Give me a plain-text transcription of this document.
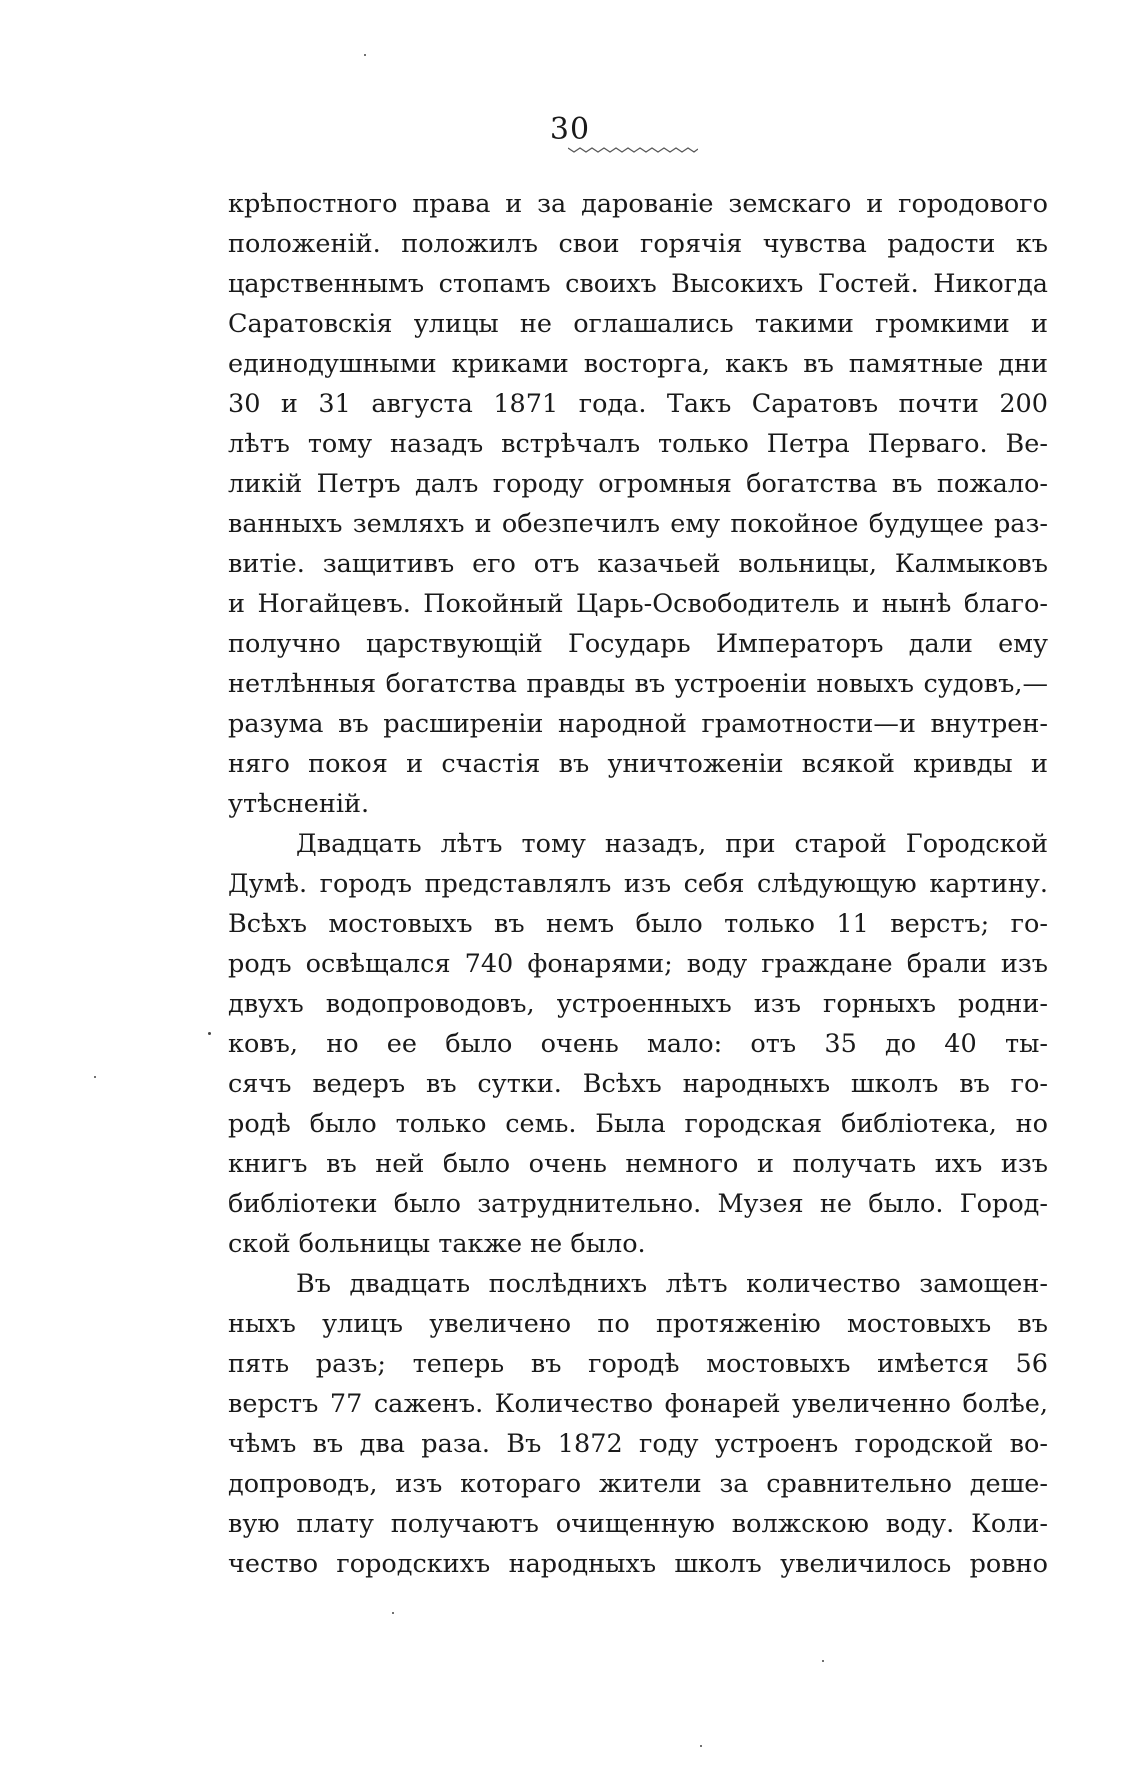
30
крѣпостного права и за дарованіе земскаго и городового
положеній. положилъ свои горячія чувства радости къ
царственнымъ стопамъ своихъ Высокихъ Гостей. Никогда
Саратовскія улицы не оглашались такими громкими и
единодушными криками восторга, какъ въ памятные дни
30 и 31 августа 1871 года. Такъ Саратовъ почти 200
лѣтъ тому назадъ встрѣчалъ только Петра Перваго. Ве-
ликій Петръ далъ городу огромныя богатства въ пожало-
ванныхъ земляхъ и обезпечилъ ему покойное будущее раз-
витіе. защитивъ его отъ казачьей вольницы, Калмыковъ
и Ногайцевъ. Покойный Царь-Освободитель и нынѣ благо-
получно царствующій Государь Императоръ дали ему
нетлѣнныя богатства правды въ устроеніи новыхъ судовъ,—
разума въ расширеніи народной грамотности—и внутрен-
няго покоя и счастія въ уничтоженіи всякой кривды и
утѣсненій.
Двадцать лѣтъ тому назадъ, при старой Городской
Думѣ. городъ представлялъ изъ себя слѣдующую картину.
Всѣхъ мостовыхъ въ немъ было только 11 верстъ; го-
родъ освѣщался 740 фонарями; воду граждане брали изъ
двухъ водопроводовъ, устроенныхъ изъ горныхъ родни-
ковъ, но ее было очень мало: отъ 35 до 40 ты-
сячъ ведеръ въ сутки. Всѣхъ народныхъ школъ въ го-
родѣ было только семь. Была городская библіотека, но
книгъ въ ней было очень немного и получать ихъ изъ
библіотеки было затруднительно. Музея не было. Город-
ской больницы также не было.
Въ двадцать послѣднихъ лѣтъ количество замощен-
ныхъ улицъ увеличено по протяженію мостовыхъ въ
пять разъ; теперь въ городѣ мостовыхъ имѣется 56
верстъ 77 саженъ. Количество фонарей увеличенно болѣе,
чѣмъ въ два раза. Въ 1872 году устроенъ городской во-
допроводъ, изъ котораго жители за сравнительно деше-
вую плату получаютъ очищенную волжскою воду. Коли-
чество городскихъ народныхъ школъ увеличилось ровно
